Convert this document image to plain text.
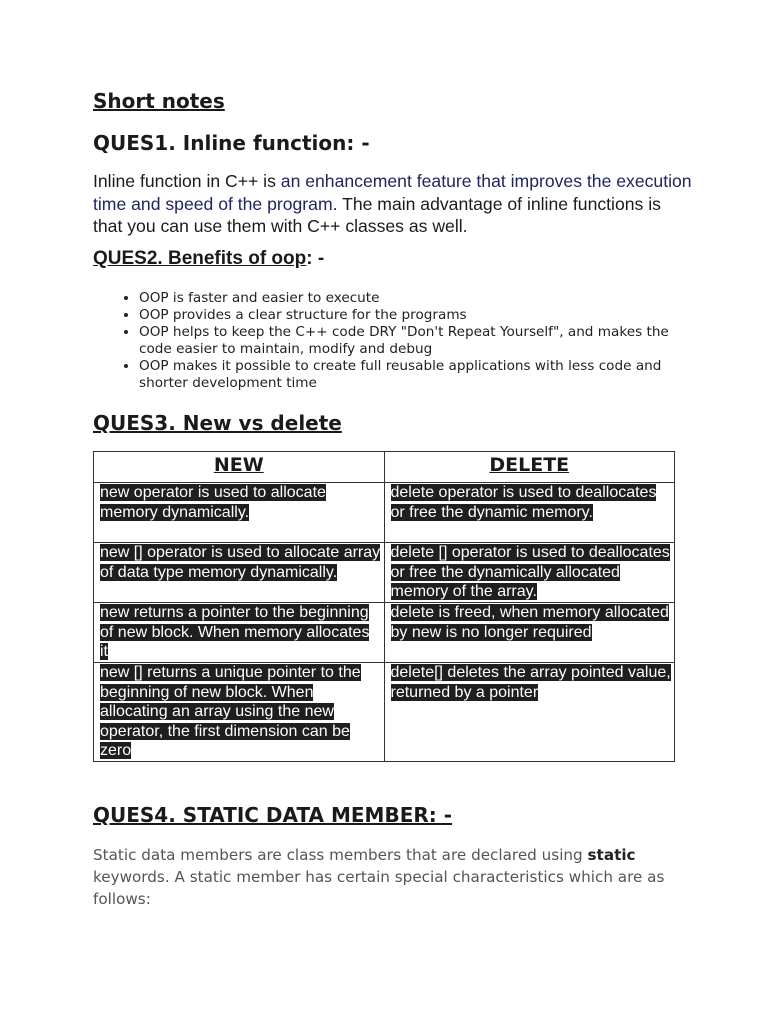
Short notes
QUES1. Inline function: -

Inline function in C++ is an enhancement feature that improves the execution time and speed of the program. The main advantage of inline functions is that you can use them with C++ classes as well.

QUES2. Benefits of oop: -
• OOP is faster and easier to execute
• OOP provides a clear structure for the programs
• OOP helps to keep the C++ code DRY "Don't Repeat Yourself", and makes the code easier to maintain, modify and debug
• OOP makes it possible to create full reusable applications with less code and shorter development time
QUES3. New vs delete
NEW	DELETE
new operator is used to allocate memory dynamically.	delete operator is used to deallocates or free the dynamic memory.
new [] operator is used to allocate array of data type memory dynamically.	delete [] operator is used to deallocates or free the dynamically allocated memory of the array.
new returns a pointer to the beginning of new block. When memory allocates it	delete is freed, when memory allocated by new is no longer required
new [] returns a unique pointer to the beginning of new block. When allocating an array using the new operator, the first dimension can be zero	delete[] deletes the array pointed value, returned by a pointer
QUES4. STATIC DATA MEMBER: -

Static data members are class members that are declared using static keywords. A static member has certain special characteristics which are as follows:
